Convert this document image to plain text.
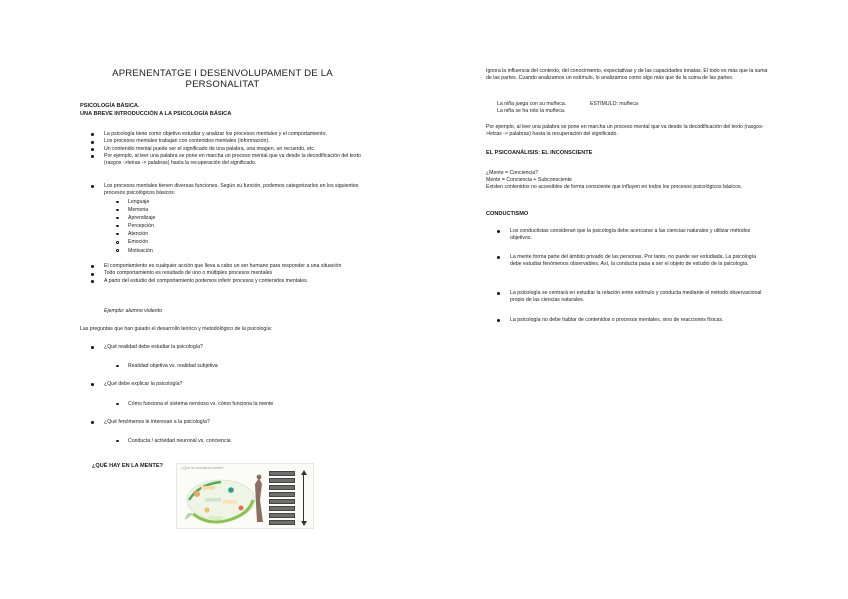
APRENENTATGE I DESENVOLUPAMENT DE LA PERSONALITAT
PSICOLOGÍA BÁSICA.
UNA BREVE INTRODUCCIÓN A LA PSICOLOGÍA BÁSICA
La psicología tiene como objetivo estudiar y analizar los procesos mentales y el comportamiento.
Los procesos mentales trabajan con contenidos mentales (información).
Un contenido mental puede ser el significado de una palabra, una imagen, un recuerdo, etc.
Por ejemplo, al leer una palabra se pone en marcha un proceso mental que va desde la decodificación del texto (rasgos ->letras -> palabras) hasta la recuperación del significado.
Los procesos mentales tienen diversas funciones. Según su función, podemos categorizarlos en los siguientes procesos psicológicos básicos:
Lenguaje
Memoria
Aprendizaje
Percepción
Atención
Emoción
Motivación
El comportamiento es cualquier acción que lleva a cabo un ser humano para responder a una situación
Todo comportamiento es resultado de uno o múltiples procesos mentales
A partir del estudio del comportamiento podemos inferir procesos y contenidos mentales.
Ejemplo: alumno violento
Las preguntas que han guiado el desarrollo teórico y metodológico de la psicología:
¿Qué realidad debe estudiar la psicología?
Realidad objetiva vs. realidad subjetiva
¿Qué debe explicar la psicología?
Cómo funciona el sistema nervioso vs. cómo funciona la mente
¿Qué fenómenos le interesan a la psicología?
Conducta / actividad neuronal vs. conciencia
¿QUÉ HAY EN LA MENTE?	¿Qué se estudia la mente?
Ignora la influencia del contexto, del conocimiento, expectativas y de las capacidades innatas. El todo es más que la suma de las partes. Cuando analizamos un estímulo, lo analizamos como algo más que de la suma de las partes.
La niña juega con su muñeca.	ESTÍMULO: muñeca
La niña se ha roto la muñeca.
Por ejemplo, al leer una palabra se pone en marcha un proceso mental que va desde la decodificación del texto (rasgos->letras -> palabras) hasta la recuperación del significado.
EL PSICOANÁLISIS: EL INCONSCIENTE
¿Mente = Conciencia?
Mente = Conciencia + Subconsciente
Existen contenidos no accesibles de forma consciente que influyen en todos los procesos psicológicos básicos.
CONDUCTISMO
Los conductistas consideran que la psicología debe acercarse a las ciencias naturales y utilizar métodos objetivos.
La mente forma parte del ámbito privado de las personas. Por tanto, no puede ser estudiada. La psicología debe estudiar fenómenos observables. Así, la conducta pasa a ser el objeto de estudio de la psicología.
La psicología se centrará en estudiar la relación entre estímulo y conducta mediante el método observacional propio de las ciencias naturales.
La psicología no debe hablar de contenidos o procesos mentales, sino de reacciones físicas.
